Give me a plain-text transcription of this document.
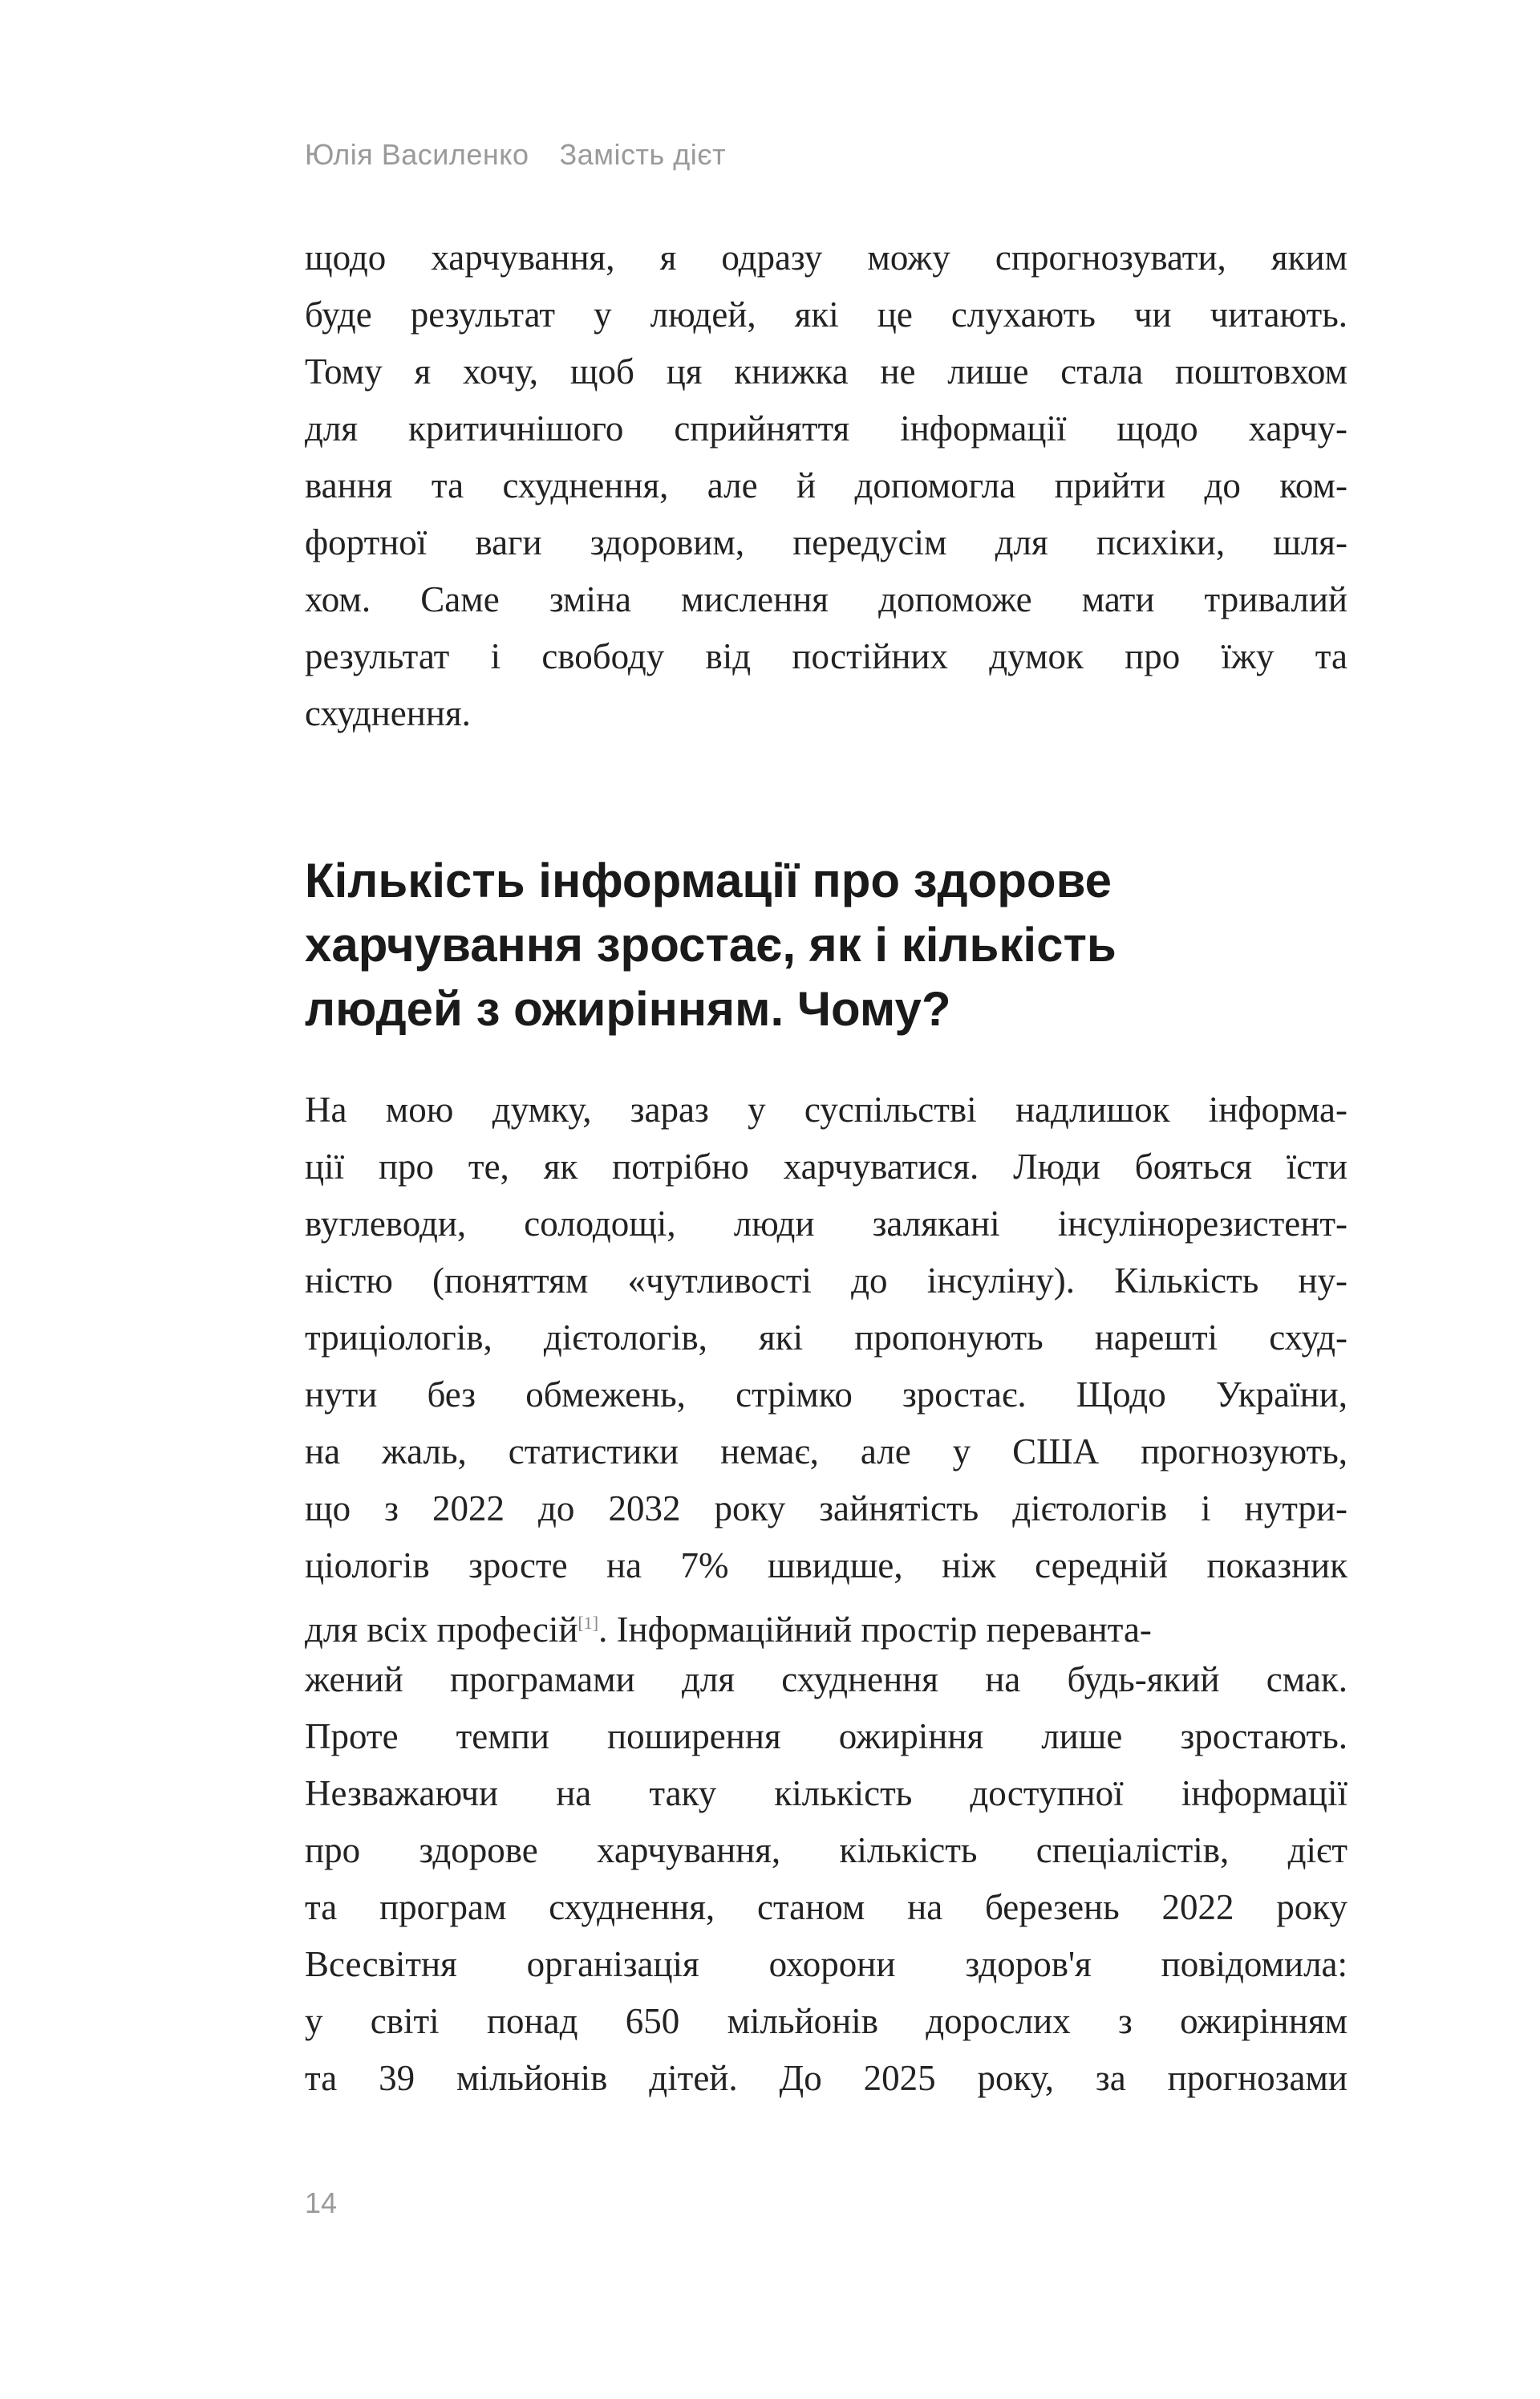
Юлія Василенко Замість дієт
щодо харчування, я одразу можу спрогнозувати, яким
буде результат у людей, які це слухають чи читають.
Тому я хочу, щоб ця книжка не лише стала поштовхом
для критичнішого сприйняття інформації щодо харчу-
вання та схуднення, але й допомогла прийти до ком-
фортної ваги здоровим, передусім для психіки, шля-
хом. Саме зміна мислення допоможе мати тривалий
результат і свободу від постійних думок про їжу та
схуднення.
Кількість інформації про здорове
харчування зростає, як і кількість
людей з ожирінням. Чому?
На мою думку, зараз у суспільстві надлишок інформа-
ції про те, як потрібно харчуватися. Люди бояться їсти
вуглеводи, солодощі, люди залякані інсулінорезистент-
ністю (поняттям «чутливості до інсуліну). Кількість ну-
триціологів, дієтологів, які пропонують нарешті схуд-
нути без обмежень, стрімко зростає. Щодо України,
на жаль, статистики немає, але у США прогнозують,
що з 2022 до 2032 року зайнятість дієтологів і нутри-
ціологів зросте на 7% швидше, ніж середній показник
для всіх професій[1]. Інформаційний простір переванта-
жений програмами для схуднення на будь-який смак.
Проте темпи поширення ожиріння лише зростають.
Незважаючи на таку кількість доступної інформації
про здорове харчування, кількість спеціалістів, дієт
та програм схуднення, станом на березень 2022 року
Всесвітня організація охорони здоров'я повідомила:
у світі понад 650 мільйонів дорослих з ожирінням
та 39 мільйонів дітей. До 2025 року, за прогнозами
14
